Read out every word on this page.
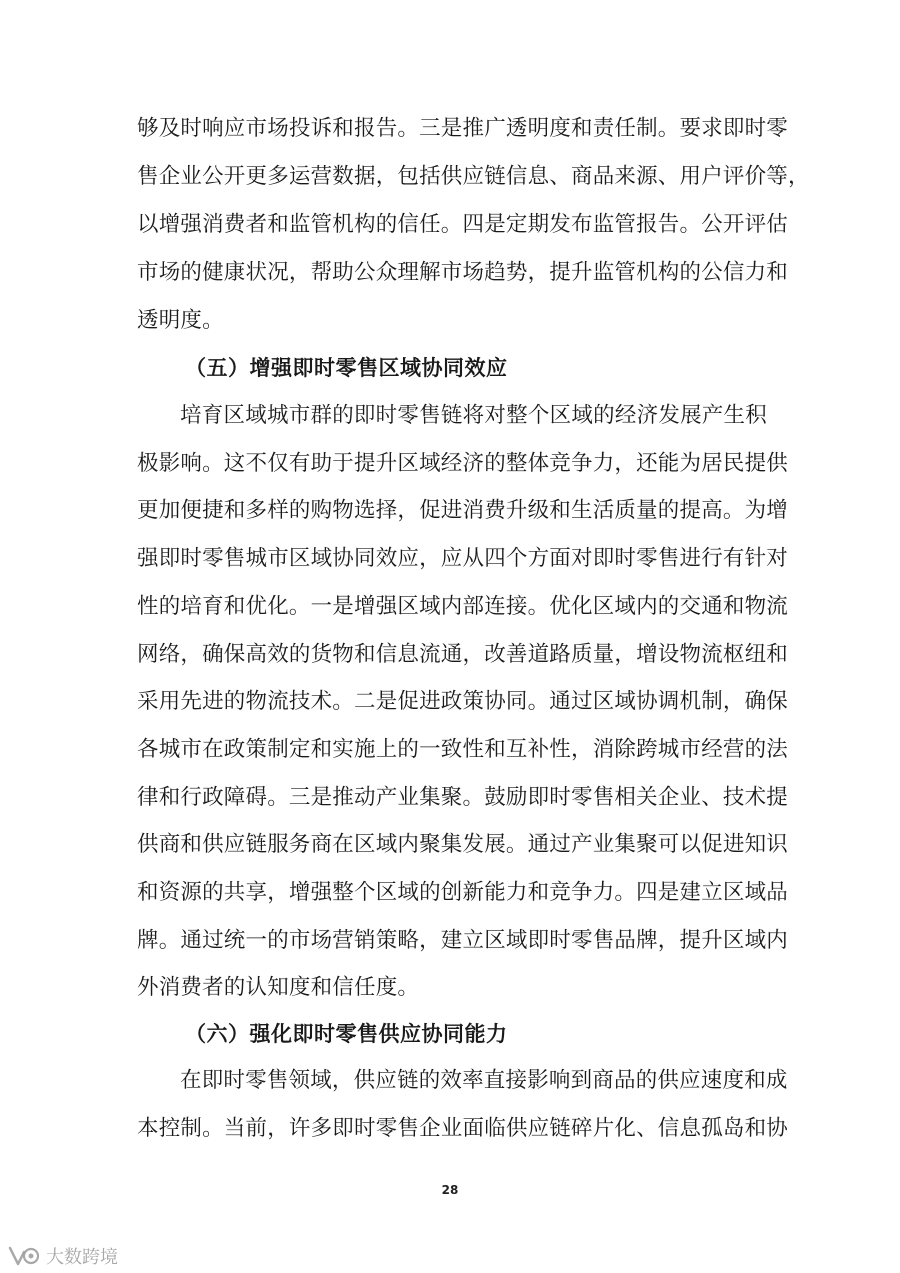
够及时响应市场投诉和报告。三是推广透明度和责任制。要求即时零
售企业公开更多运营数据，包括供应链信息、商品来源、用户评价等，
以增强消费者和监管机构的信任。四是定期发布监管报告。公开评估
市场的健康状况，帮助公众理解市场趋势，提升监管机构的公信力和
透明度。
（五）增强即时零售区域协同效应
培育区域城市群的即时零售链将对整个区域的经济发展产生积
极影响。这不仅有助于提升区域经济的整体竞争力，还能为居民提供
更加便捷和多样的购物选择，促进消费升级和生活质量的提高。为增
强即时零售城市区域协同效应，应从四个方面对即时零售进行有针对
性的培育和优化。一是增强区域内部连接。优化区域内的交通和物流
网络，确保高效的货物和信息流通，改善道路质量，增设物流枢纽和
采用先进的物流技术。二是促进政策协同。通过区域协调机制，确保
各城市在政策制定和实施上的一致性和互补性，消除跨城市经营的法
律和行政障碍。三是推动产业集聚。鼓励即时零售相关企业、技术提
供商和供应链服务商在区域内聚集发展。通过产业集聚可以促进知识
和资源的共享，增强整个区域的创新能力和竞争力。四是建立区域品
牌。通过统一的市场营销策略，建立区域即时零售品牌，提升区域内
外消费者的认知度和信任度。
（六）强化即时零售供应协同能力
在即时零售领域，供应链的效率直接影响到商品的供应速度和成
本控制。当前，许多即时零售企业面临供应链碎片化、信息孤岛和协
28
大数跨境
